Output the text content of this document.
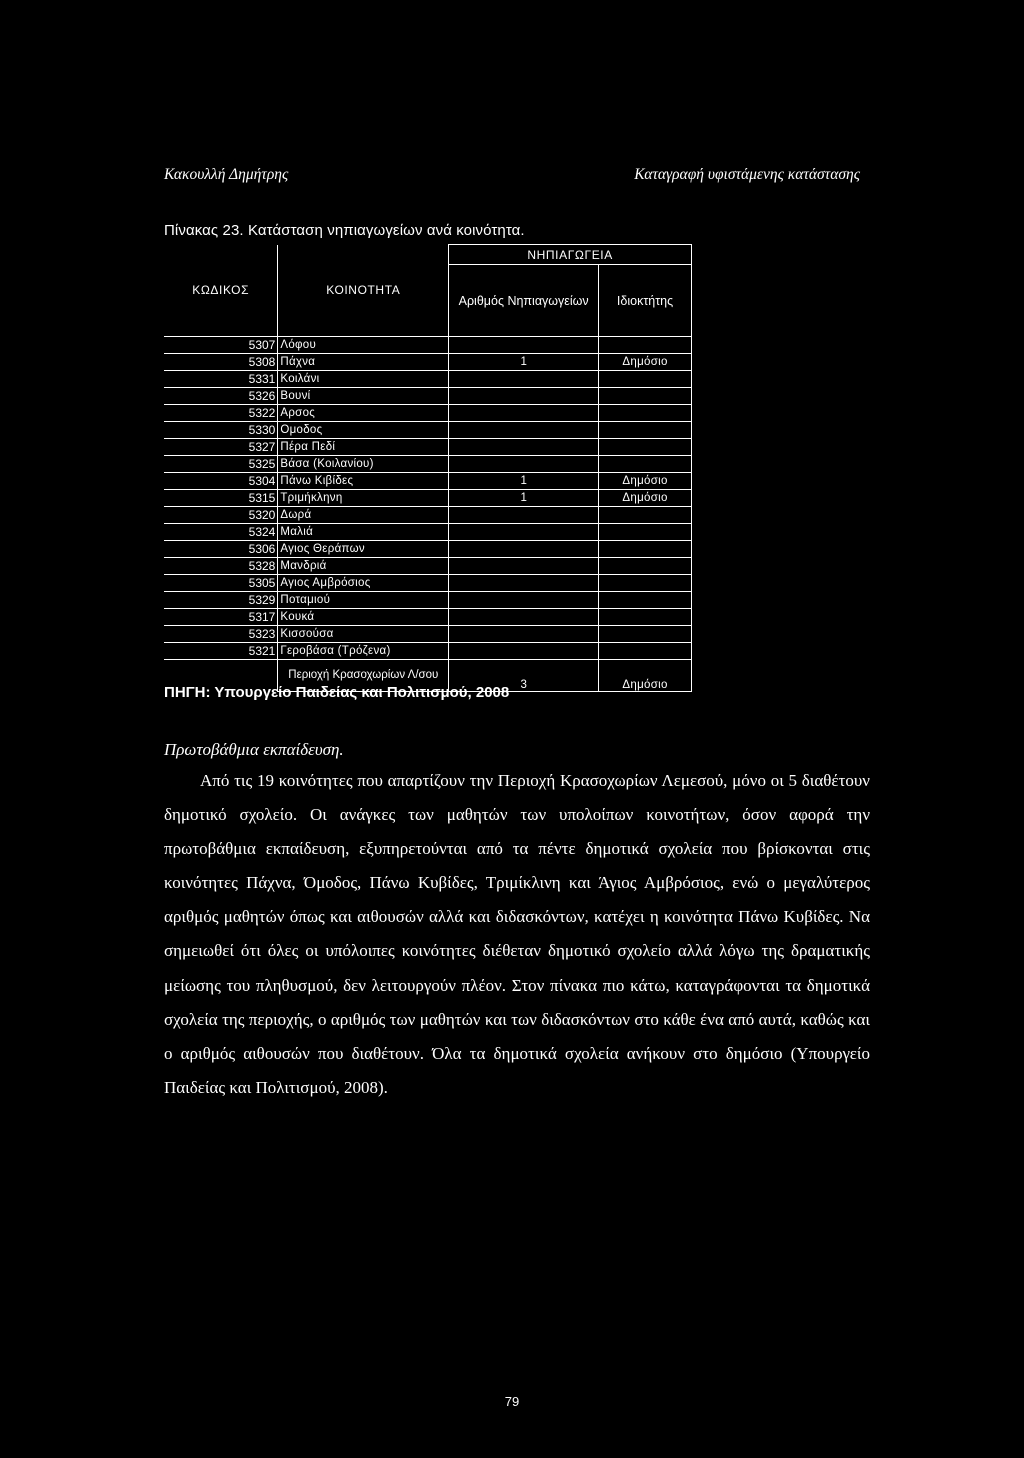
Κακουλλή Δημήτρης	Καταγραφή υφιστάμενης κατάστασης
Πίνακας 23. Κατάσταση νηπιαγωγείων ανά κοινότητα.
ΚΩΔΙΚΟΣ	ΚΟΙΝΟΤΗΤΑ	ΝΗΠΙΑΓΩΓΕΙΑ	
		Αριθμός Νηπιαγωγείων	Ιδιοκτήτης
5307	Λόφου		
5308	Πάχνα	1	Δημόσιο
5331	Κοιλάνι		
5326	Βουνί		
5322	Αρσος		
5330	Ομοδος		
5327	Πέρα Πεδί		
5325	Βάσα (Κοιλανίου)		
5304	Πάνω Κιβίδες	1	Δημόσιο
5315	Τριμήκληνη	1	Δημόσιο
5320	Δωρά		
5324	Μαλιά		
5306	Αγιος Θεράπων		
5328	Μανδριά		
5305	Αγιος Αμβρόσιος		
5329	Ποταμιού		
5317	Κουκά		
5323	Κισσούσα		
5321	Γεροβάσα (Τρόζενα)		
	Περιοχή Κρασοχωρίων Λ/σου	3	Δημόσιο
ΠΗΓΗ: Υπουργείο Παιδείας και Πολιτισμού, 2008
Πρωτοβάθμια εκπαίδευση.
Από τις 19 κοινότητες που απαρτίζουν την Περιοχή Κρασοχωρίων Λεμεσού, μόνο οι 5 διαθέτουν δημοτικό σχολείο. Οι ανάγκες των μαθητών των υπολοίπων κοινοτήτων, όσον αφορά την πρωτοβάθμια εκπαίδευση, εξυπηρετούνται από τα πέντε δημοτικά σχολεία που βρίσκονται στις κοινότητες Πάχνα, Όμοδος, Πάνω Κυβίδες, Τριμίκλινη και Άγιος Αμβρόσιος, ενώ ο μεγαλύτερος αριθμός μαθητών όπως και αιθουσών αλλά και διδασκόντων, κατέχει η κοινότητα Πάνω Κυβίδες. Να σημειωθεί ότι όλες οι υπόλοιπες κοινότητες διέθεταν δημοτικό σχολείο αλλά λόγω της δραματικής μείωσης του πληθυσμού, δεν λειτουργούν πλέον. Στον πίνακα πιο κάτω, καταγράφονται τα δημοτικά σχολεία της περιοχής, ο αριθμός των μαθητών και των διδασκόντων στο κάθε ένα από αυτά, καθώς και ο αριθμός αιθουσών που διαθέτουν. Όλα τα δημοτικά σχολεία ανήκουν στο δημόσιο (Υπουργείο Παιδείας και Πολιτισμού, 2008).
79
